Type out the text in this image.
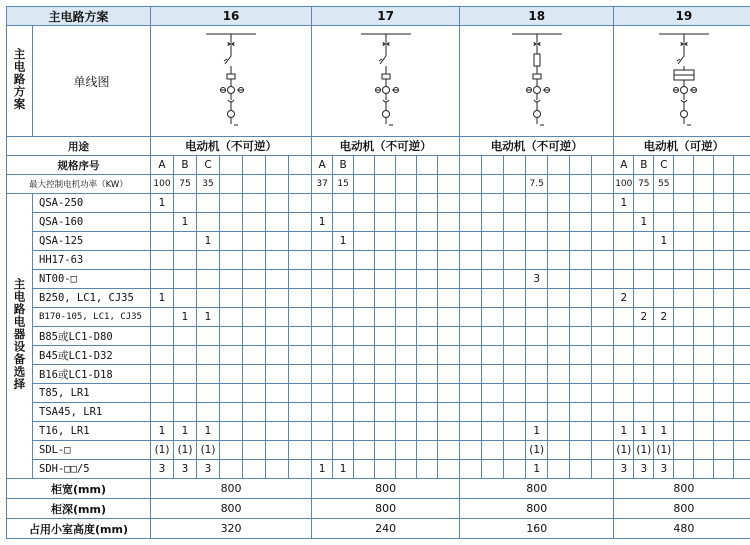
主电路方案		16							17							18							19						
主电路方案	单线图	

用途		电动机（不可逆）							电动机（不可逆）							电动机（不可逆）							电动机（可逆）						
规格序号		A	B	C					A	B													A	B	C				
最大控制电机功率（KW）		100	75	35					37	15									7.5				100	75	55				
主电路电器设备选择	QSA-250	1																					1						
	QSA-160		1						1															1					
	QSA-125			1						1															1				
	HH17-63																												
	NT00-□																		3										
	B250, LC1, CJ35	1																					2						
	B170-105, LC1, CJ35		1	1																				2	2				
	B85或LC1-D80																												
	B45或LC1-D32																												
	B16或LC1-D18																												
	T85, LR1																												
	TSA45, LR1																												
	T16, LR1	1	1	1															1				1	1	1				
	SDL-□	(1)	(1)	(1)															(1)				(1)	(1)	(1)				
	SDH-□□/5	3	3	3					1	1									1				3	3	3				
柜宽(mm)		800							800							800							800						
柜深(mm)		800							800							800							800						
占用小室高度(mm)		320							240							160							480						
